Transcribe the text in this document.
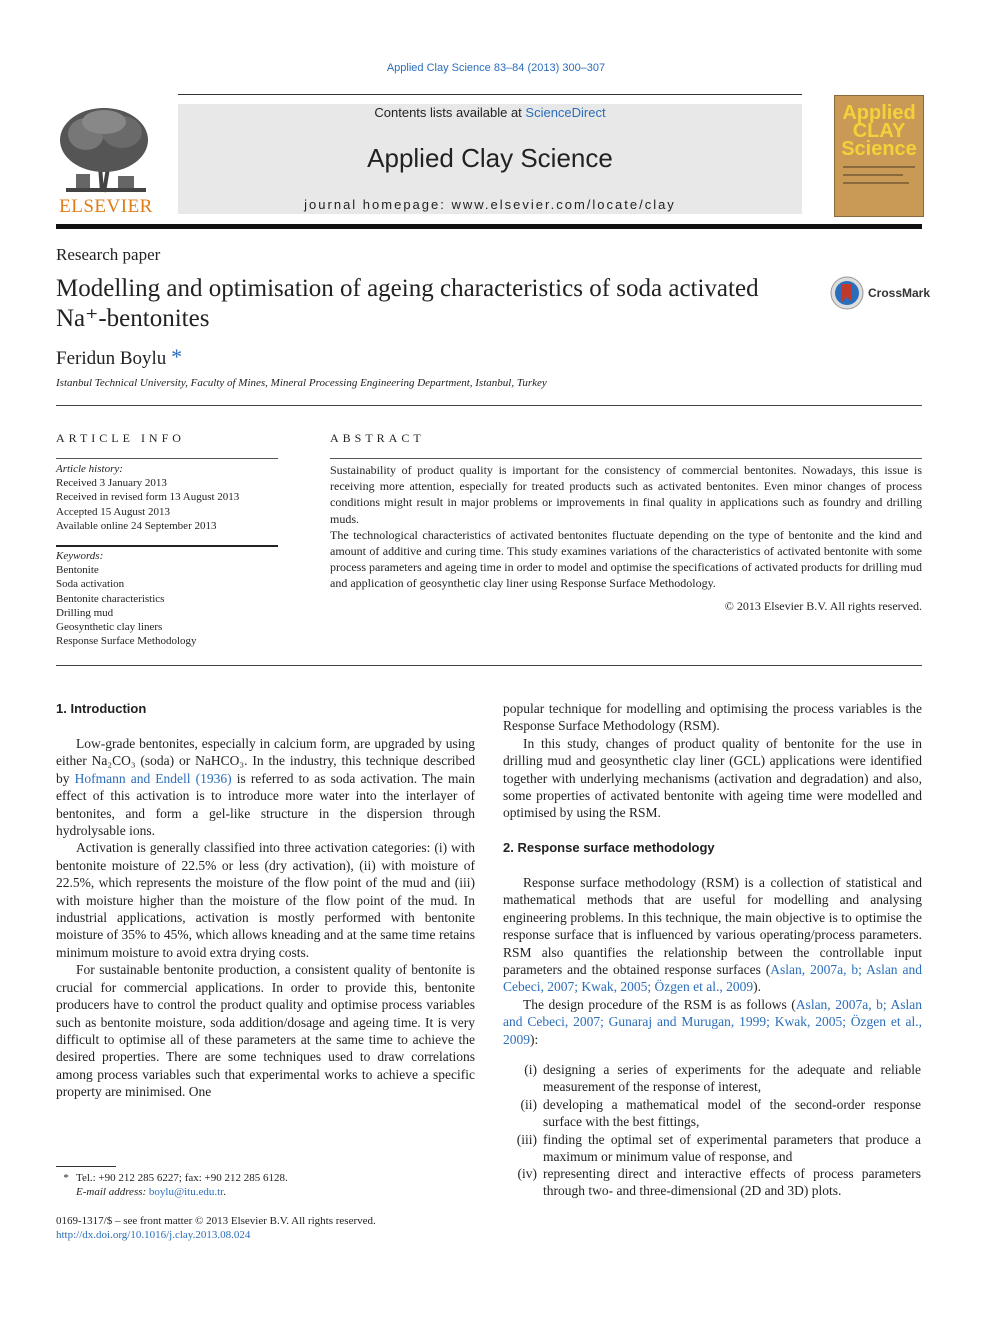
Applied Clay Science 83–84 (2013) 300–307
ELSEVIER
Contents lists available at ScienceDirect
Applied Clay Science
journal homepage: www.elsevier.com/locate/clay
Applied CLAY Science
Research paper
Modelling and optimisation of ageing characteristics of soda activated
Na⁺-bentonites
CrossMark
Feridun Boylu *
Istanbul Technical University, Faculty of Mines, Mineral Processing Engineering Department, Istanbul, Turkey
ARTICLE INFO
Article history:
Received 3 January 2013
Received in revised form 13 August 2013
Accepted 15 August 2013
Available online 24 September 2013
Keywords:
Bentonite
Soda activation
Bentonite characteristics
Drilling mud
Geosynthetic clay liners
Response Surface Methodology
ABSTRACT

Sustainability of product quality is important for the consistency of commercial bentonites. Nowadays, this issue is receiving more attention, especially for treated products such as activated bentonites. Even minor changes of process conditions might result in major problems or improvements in final quality in applications such as foundry and drilling muds.

The technological characteristics of activated bentonites fluctuate depending on the type of bentonite and the kind and amount of additive and curing time. This study examines variations of the characteristics of activated bentonite with some process parameters and ageing time in order to model and optimise the specifications of activated products for drilling mud and application of geosynthetic clay liner using Response Surface Methodology.

© 2013 Elsevier B.V. All rights reserved.

1. Introduction

Low-grade bentonites, especially in calcium form, are upgraded by using either Na₂CO₃ (soda) or NaHCO₃. In the industry, this technique described by Hofmann and Endell (1936) is referred to as soda activation. The main effect of this activation is to introduce more water into the interlayer of bentonites, and form a gel-like structure in the dispersion through hydrolysable ions.

Activation is generally classified into three activation categories: (i) with bentonite moisture of 22.5% or less (dry activation), (ii) with moisture of 22.5%, which represents the moisture of the flow point of the mud and (iii) with moisture higher than the moisture of the flow point of the mud. In industrial applications, activation is mostly performed with bentonite moisture of 35% to 45%, which allows kneading and at the same time retains minimum moisture to avoid extra drying costs.

For sustainable bentonite production, a consistent quality of bentonite is crucial for commercial applications. In order to provide this, bentonite producers have to control the product quality and optimise process variables such as bentonite moisture, soda addition/dosage and ageing time. It is very difficult to optimise all of these parameters at the same time to achieve the desired properties. There are some techniques used to draw correlations among process variables such that experimental works to achieve a specific property are minimised. One

popular technique for modelling and optimising the process variables is the Response Surface Methodology (RSM).

In this study, changes of product quality of bentonite for the use in drilling mud and geosynthetic clay liner (GCL) applications were identified together with underlying mechanisms (activation and degradation) and also, some properties of activated bentonite with ageing time were modelled and optimised by using the RSM.

2. Response surface methodology

Response surface methodology (RSM) is a collection of statistical and mathematical methods that are useful for modelling and analysing engineering problems. In this technique, the main objective is to optimise the response surface that is influenced by various operating/process parameters. RSM also quantifies the relationship between the controllable input parameters and the obtained response surfaces (Aslan, 2007a, b; Aslan and Cebeci, 2007; Kwak, 2005; Özgen et al., 2009).

The design procedure of the RSM is as follows (Aslan, 2007a, b; Aslan and Cebeci, 2007; Gunaraj and Murugan, 1999; Kwak, 2005; Özgen et al., 2009):

(i) designing a series of experiments for the adequate and reliable measurement of the response of interest,
(ii) developing a mathematical model of the second-order response surface with the best fittings,
(iii) finding the optimal set of experimental parameters that produce a maximum or minimum value of response, and
(iv) representing direct and interactive effects of process parameters through two- and three-dimensional (2D and 3D) plots.
* Tel.: +90 212 285 6227; fax: +90 212 285 6128.
E-mail address: boylu@itu.edu.tr.
0169-1317/$ – see front matter © 2013 Elsevier B.V. All rights reserved.
http://dx.doi.org/10.1016/j.clay.2013.08.024
